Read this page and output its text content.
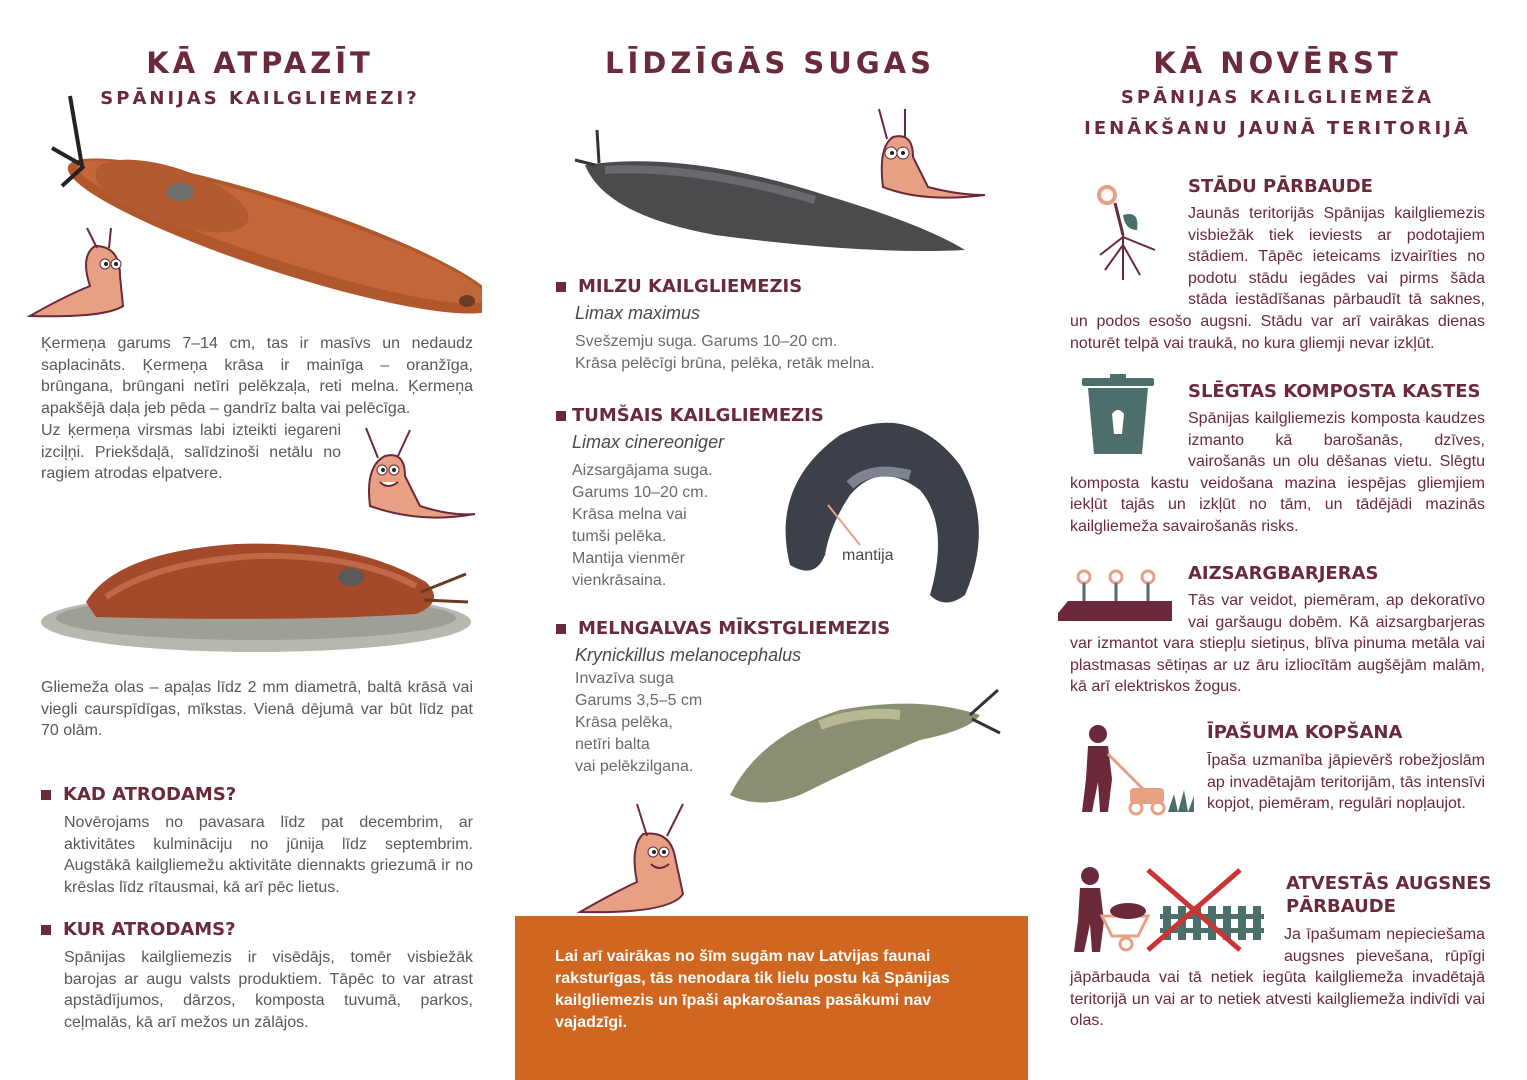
KĀ ATPAZĪT
SPĀNIJAS KAILGLIEMEZI?
Ķermeņa garums 7–14 cm, tas ir masīvs un nedaudz saplacināts. Ķermeņa krāsa ir mainīga – oranžīga, brūngana, brūngani netīri pelēkzaļa, reti melna. Ķermeņa apakšējā daļa jeb pēda – gandrīz balta vai pelēcīga.
Uz ķermeņa virsmas labi izteikti iegareni izciļņi. Priekšdaļā, salīdzinoši netālu no ragiem atrodas elpatvere.
Gliemeža olas – apaļas līdz 2 mm diametrā, baltā krāsā vai viegli caurspīdīgas, mīkstas. Vienā dējumā var būt līdz pat 70 olām.
KAD ATRODAMS?
Novērojams no pavasara līdz pat decembrim, ar aktivitātes kulmināciju no jūnija līdz septembrim. Augstākā kailgliemežu aktivitāte diennakts griezumā ir no krēslas līdz rītausmai, kā arī pēc lietus.
KUR ATRODAMS?
Spānijas kailgliemezis ir visēdājs, tomēr visbiežāk barojas ar augu valsts produktiem. Tāpēc to var atrast apstādījumos, dārzos, komposta tuvumā, parkos, ceļmalās, kā arī mežos un zālājos.
LĪDZĪGĀS SUGAS
MILZU KAILGLIEMEZIS
Limax maximus
Svešzemju suga. Garums 10–20 cm.
Krāsa pelēcīgi brūna, pelēka, retāk melna.
TUMŠAIS KAILGLIEMEZIS
Limax cinereoniger
Aizsargājama suga.
Garums 10–20 cm.
Krāsa melna vai
tumši pelēka.
Mantija vienmēr
vienkrāsaina.
mantija
MELNGALVAS MĪKSTGLIEMEZIS
Krynickillus melanocephalus
Invazīva suga
Garums 3,5–5 cm
Krāsa pelēka,
netīri balta
vai pelēkzilgana.
Lai arī vairākas no šīm sugām nav Latvijas faunai raksturīgas, tās nenodara tik lielu postu kā Spānijas kailgliemezis un īpaši apkarošanas pasākumi nav vajadzīgi.
KĀ NOVĒRST
SPĀNIJAS KAILGLIEMEŽA
IENĀKŠANU JAUNĀ TERITORIJĀ
STĀDU PĀRBAUDE
Jaunās teritorijās Spānijas kailgliemezis visbiežāk tiek ieviests ar podotajiem stādiem. Tāpēc ieteicams izvairīties no podotu stādu iegādes vai pirms šāda stāda iestādīšanas pārbaudīt tā saknes, un podos esošo augsni. Stādu var arī vairākas dienas noturēt telpā vai traukā, no kura gliemji nevar izkļūt.
SLĒGTAS KOMPOSTA KASTES
Spānijas kailgliemezis komposta kaudzes izmanto kā barošanās, dzīves, vairošanās un olu dēšanas vietu. Slēgtu komposta kastu veidošana mazina iespējas gliemjiem iekļūt tajās un izkļūt no tām, un tādējādi mazinās kailgliemeža savairošanās risks.
AIZSARGBARJERAS
Tās var veidot, piemēram, ap dekoratīvo vai garšaugu dobēm. Kā aizsargbarjeras var izmantot vara stiepļu sietiņus, blīva pinuma metāla vai plastmasas sētiņas ar uz āru izliocītām augšējām malām, kā arī elektriskos žogus.
ĪPAŠUMA KOPŠANA
Īpaša uzmanība jāpievērš robežjoslām ap invadētajām teritorijām, tās intensīvi kopjot, piemēram, regulāri nopļaujot.
ATVESTĀS AUGSNES
PĀRBAUDE
Ja īpašumam nepieciešama augsnes pievešana, rūpīgi jāpārbauda vai tā netiek iegūta kailgliemeža invadētajā teritorijā un vai ar to netiek atvesti kailgliemeža indivīdi vai olas.
